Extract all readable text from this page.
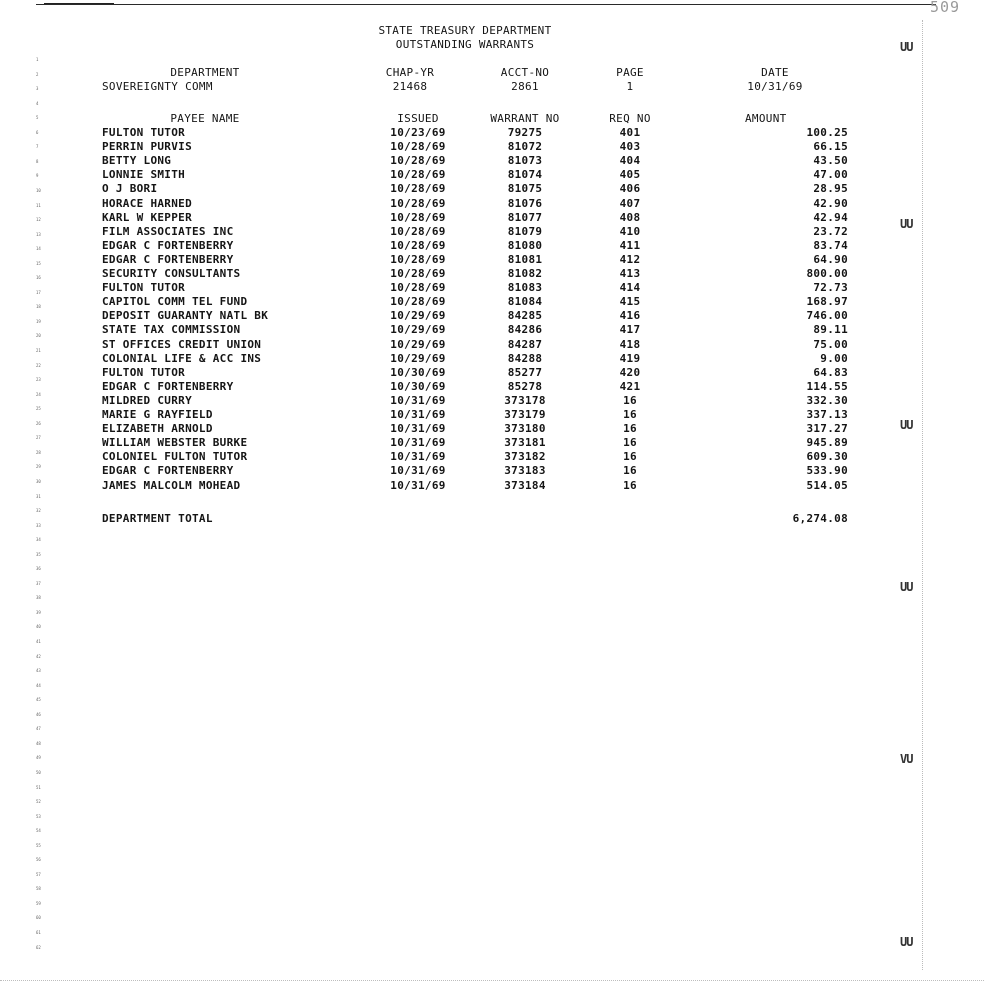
509
UU
UU
UU
UU
VU
UU
1
2
3
4
5
6
7
8
9
10
11
12
13
14
15
16
17
18
19
20
21
22
23
24
25
26
27
28
29
30
31
32
33
34
35
36
37
38
39
40
41
42
43
44
45
46
47
48
49
50
51
52
53
54
55
56
57
58
59
60
61
62
STATE TREASURY DEPARTMENT
OUTSTANDING WARRANTS
DEPARTMENT	CHAP-YR	ACCT-NO	PAGE	DATE
SOVEREIGNTY COMM	21468	2861	1	10/31/69
PAYEE NAME	ISSUED	WARRANT NO	REQ NO	AMOUNT
FULTON TUTOR	10/23/69	79275	401	100.25
PERRIN PURVIS	10/28/69	81072	403	66.15
BETTY LONG	10/28/69	81073	404	43.50
LONNIE SMITH	10/28/69	81074	405	47.00
O J BORI	10/28/69	81075	406	28.95
HORACE HARNED	10/28/69	81076	407	42.90
KARL W KEPPER	10/28/69	81077	408	42.94
FILM ASSOCIATES INC	10/28/69	81079	410	23.72
EDGAR C FORTENBERRY	10/28/69	81080	411	83.74
EDGAR C FORTENBERRY	10/28/69	81081	412	64.90
SECURITY CONSULTANTS	10/28/69	81082	413	800.00
FULTON TUTOR	10/28/69	81083	414	72.73
CAPITOL COMM TEL FUND	10/28/69	81084	415	168.97
DEPOSIT GUARANTY NATL BK	10/29/69	84285	416	746.00
STATE TAX COMMISSION	10/29/69	84286	417	89.11
ST OFFICES CREDIT UNION	10/29/69	84287	418	75.00
COLONIAL LIFE & ACC INS	10/29/69	84288	419	9.00
FULTON TUTOR	10/30/69	85277	420	64.83
EDGAR C FORTENBERRY	10/30/69	85278	421	114.55
MILDRED CURRY	10/31/69	373178	16	332.30
MARIE G RAYFIELD	10/31/69	373179	16	337.13
ELIZABETH ARNOLD	10/31/69	373180	16	317.27
WILLIAM WEBSTER BURKE	10/31/69	373181	16	945.89
COLONIEL FULTON TUTOR	10/31/69	373182	16	609.30
EDGAR C FORTENBERRY	10/31/69	373183	16	533.90
JAMES MALCOLM MOHEAD	10/31/69	373184	16	514.05
DEPARTMENT TOTAL	6,274.08
